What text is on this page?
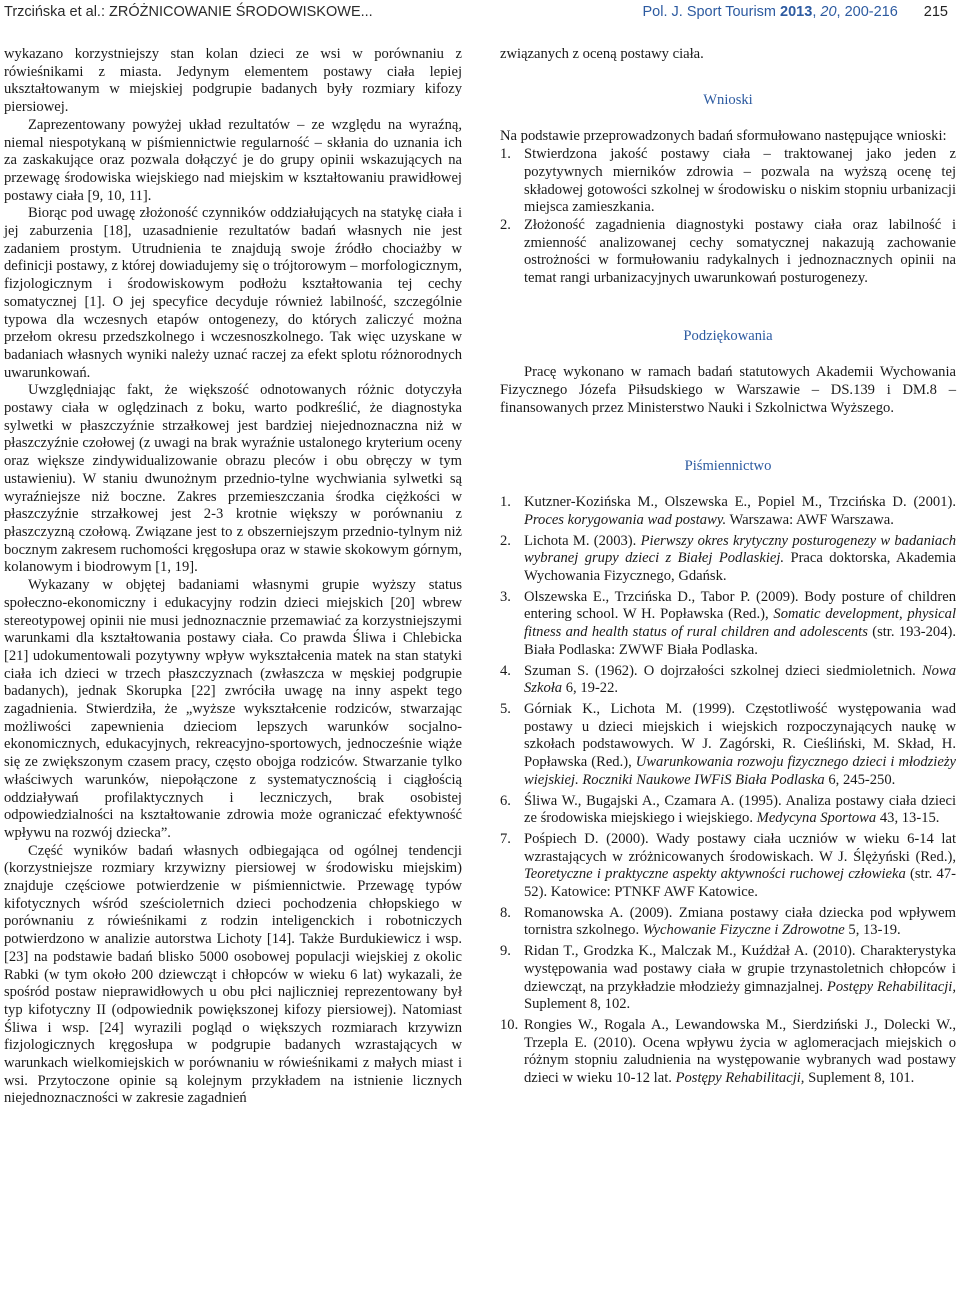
Trzcińska et al.: ZRÓŻNICOWANIE ŚRODOWISKOWE...	Pol. J. Sport Tourism 2013, 20, 200-216 215

wykazano korzystniejszy stan kolan dzieci ze wsi w porównaniu z rówieśnikami z miasta. Jedynym elementem postawy ciała lepiej ukształtowanym w miejskiej podgrupie badanych były rozmiary kifozy piersiowej.

Zaprezentowany powyżej układ rezultatów – ze względu na wyraźną, niemal niespotykaną w piśmiennictwie regularność – skłania do uznania ich za zaskakujące oraz pozwala dołączyć je do grupy opinii wskazujących na przewagę środowiska wiejskiego nad miejskim w kształtowaniu prawidłowej postawy ciała [9, 10, 11].

Biorąc pod uwagę złożoność czynników oddziałujących na statykę ciała i jej zaburzenia [18], uzasadnienie rezultatów badań własnych nie jest zadaniem prostym. Utrudnienia te znajdują swoje źródło chociażby w definicji postawy, z której dowiadujemy się o trójtorowym – morfologicznym, fizjologicznym i środowiskowym podłożu kształtowania tej cechy somatycznej [1]. O jej specyfice decyduje również labilność, szczególnie typowa dla wczesnych etapów ontogenezy, do których zaliczyć można przełom okresu przedszkolnego i wczesnoszkolnego. Tak więc uzyskane w badaniach własnych wyniki należy uznać raczej za efekt splotu różnorodnych uwarunkowań.

Uwzględniając fakt, że większość odnotowanych różnic dotyczyła postawy ciała w oględzinach z boku, warto podkreślić, że diagnostyka sylwetki w płaszczyźnie strzałkowej jest bardziej niejednoznaczna niż w płaszczyźnie czołowej (z uwagi na brak wyraźnie ustalonego kryterium oceny oraz większe zindywidualizowanie obrazu pleców i obu obręczy w tym ustawieniu). W staniu dwunożnym przednio-tylne wychwiania sylwetki są wyraźniejsze niż boczne. Zakres przemieszczania środka ciężkości w płaszczyźnie strzałkowej jest 2-3 krotnie większy w porównaniu z płaszczyzną czołową. Związane jest to z obszerniejszym przednio-tylnym niż bocznym zakresem ruchomości kręgosłupa oraz w stawie skokowym górnym, kolanowym i biodrowym [1, 19].

Wykazany w objętej badaniami własnymi grupie wyższy status społeczno-ekonomiczny i edukacyjny rodzin dzieci miejskich [20] wbrew stereotypowej opinii nie musi jednoznacznie przemawiać za korzystniejszymi warunkami dla kształtowania postawy ciała. Co prawda Śliwa i Chlebicka [21] udokumentowali pozytywny wpływ wykształcenia matek na stan statyki ciała ich dzieci w trzech płaszczyznach (zwłaszcza w męskiej podgrupie badanych), jednak Skorupka [22] zwróciła uwagę na inny aspekt tego zagadnienia. Stwierdziła, że „wyższe wykształcenie rodziców, stwarzając możliwości zapewnienia dzieciom lepszych warunków socjalno-ekonomicznych, edukacyjnych, rekreacyjno-sportowych, jednocześnie wiąże się ze zwiększonym czasem pracy, często obojga rodziców. Stwarzanie tylko właściwych warunków, niepołączone z systematycznością i ciągłością oddziaływań profilaktycznych i leczniczych, brak osobistej odpowiedzialności na kształtowanie zdrowia może ograniczać efektywność wpływu na rozwój dziecka”.

Część wyników badań własnych odbiegająca od ogólnej tendencji (korzystniejsze rozmiary krzywizny piersiowej w środowisku miejskim) znajduje częściowe potwierdzenie w piśmiennictwie. Przewagę typów kifotycznych wśród sześciolетnich dzieci pochodzenia chłopskiego w porównaniu z rówieśnikami z rodzin inteligenckich i robotniczych potwierdzono w analizie autorstwa Lichoty [14]. Także Burdukiewicz i wsp. [23] na podstawie badań blisko 5000 osobowej populacji wiejskiej z okolic Rabki (w tym około 200 dziewcząt i chłopców w wieku 6 lat) wykazali, że spośród postaw nieprawidłowych u obu płci najliczniej reprezentowany był typ kifotyczny II (odpowiednik powiększonej kifozy piersiowej). Natomiast Śliwa i wsp. [24] wyrazili pogląd o większych rozmiarach krzywizn fizjologicznych kręgosłupa w podgrupie badanych wzrastających w warunkach wielkomiejskich w porównaniu w rówieśnikami z małych miast i wsi. Przytoczone opinie są kolejnym przykładem na istnienie licznych niejednoznaczności w zakresie zagadnień

związanych z oceną postawy ciała.

Wnioski

Na podstawie przeprowadzonych badań sformułowano następujące wnioski:

1. Stwierdzona jakość postawy ciała – traktowanej jako jeden z pozytywnych mierników zdrowia – pozwala na wyższą ocenę tej składowej gotowości szkolnej w środowisku o niskim stopniu urbanizacji miejsca zamieszkania.
2. Złożoność zagadnienia diagnostyki postawy ciała oraz labilność i zmienność analizowanej cechy somatycznej nakazują zachowanie ostrożności w formułowaniu radykalnych i jednoznacznych opinii na temat rangi urbanizacyjnych uwarunkowań posturogenezy.
Podziękowania

Pracę wykonano w ramach badań statutowych Akademii Wychowania Fizycznego Józefa Piłsudskiego w Warszawie – DS.139 i DM.8 – finansowanych przez Ministerstwo Nauki i Szkolnictwa Wyższego.

Piśmiennictwo
1. Kutzner-Kozińska M., Olszewska E., Popiel M., Trzcińska D. (2001). Proces korygowania wad postawy. Warszawa: AWF Warszawa.
2. Lichota M. (2003). Pierwszy okres krytyczny posturogenezy w badaniach wybranej grupy dzieci z Białej Podlaskiej. Praca doktorska, Akademia Wychowania Fizycznego, Gdańsk.
3. Olszewska E., Trzcińska D., Tabor P. (2009). Body posture of children entering school. W H. Popławska (Red.), Somatic development, physical fitness and health status of rural children and adolescents (str. 193-204). Biała Podlaska: ZWWF Biała Podlaska.
4. Szuman S. (1962). O dojrzałości szkolnej dzieci siedmioletnich. Nowa Szkoła 6, 19-22.
5. Górniak K., Lichota M. (1999). Częstotliwość występowania wad postawy u dzieci miejskich i wiejskich rozpoczynających naukę w szkołach podstawowych. W J. Zagórski, R. Cieśliński, M. Skład, H. Popławska (Red.), Uwarunkowania rozwoju fizycznego dzieci i młodzieży wiejskiej. Roczniki Naukowe IWFiS Biała Podlaska 6, 245-250.
6. Śliwa W., Bugajski A., Czamara A. (1995). Analiza postawy ciała dzieci ze środowiska miejskiego i wiejskiego. Medycyna Sportowa 43, 13-15.
7. Pośpiech D. (2000). Wady postawy ciała uczniów w wieku 6-14 lat wzrastających w zróżnicowanych środowiskach. W J. Ślężyński (Red.), Teoretyczne i praktyczne aspekty aktywności ruchowej człowieka (str. 47-52). Katowice: PTNKF AWF Katowice.
8. Romanowska A. (2009). Zmiana postawy ciała dziecka pod wpływem tornistra szkolnego. Wychowanie Fizyczne i Zdrowotne 5, 13-19.
9. Ridan T., Grodzka K., Malczak M., Kuźdżał A. (2010). Charakterystyka występowania wad postawy ciała w grupie trzynastoletnich chłopców i dziewcząt, na przykładzie młodzieży gimnazjalnej. Postępy Rehabilitacji, Suplement 8, 102.
10. Rongies W., Rogala A., Lewandowska M., Sierdziński J., Dolecki W., Trzepla E. (2010). Ocena wpływu życia w aglomeracjach miejskich o różnym stopniu zaludnienia na występowanie wybranych wad postawy dzieci w wieku 10-12 lat. Postępy Rehabilitacji, Suplement 8, 101.
